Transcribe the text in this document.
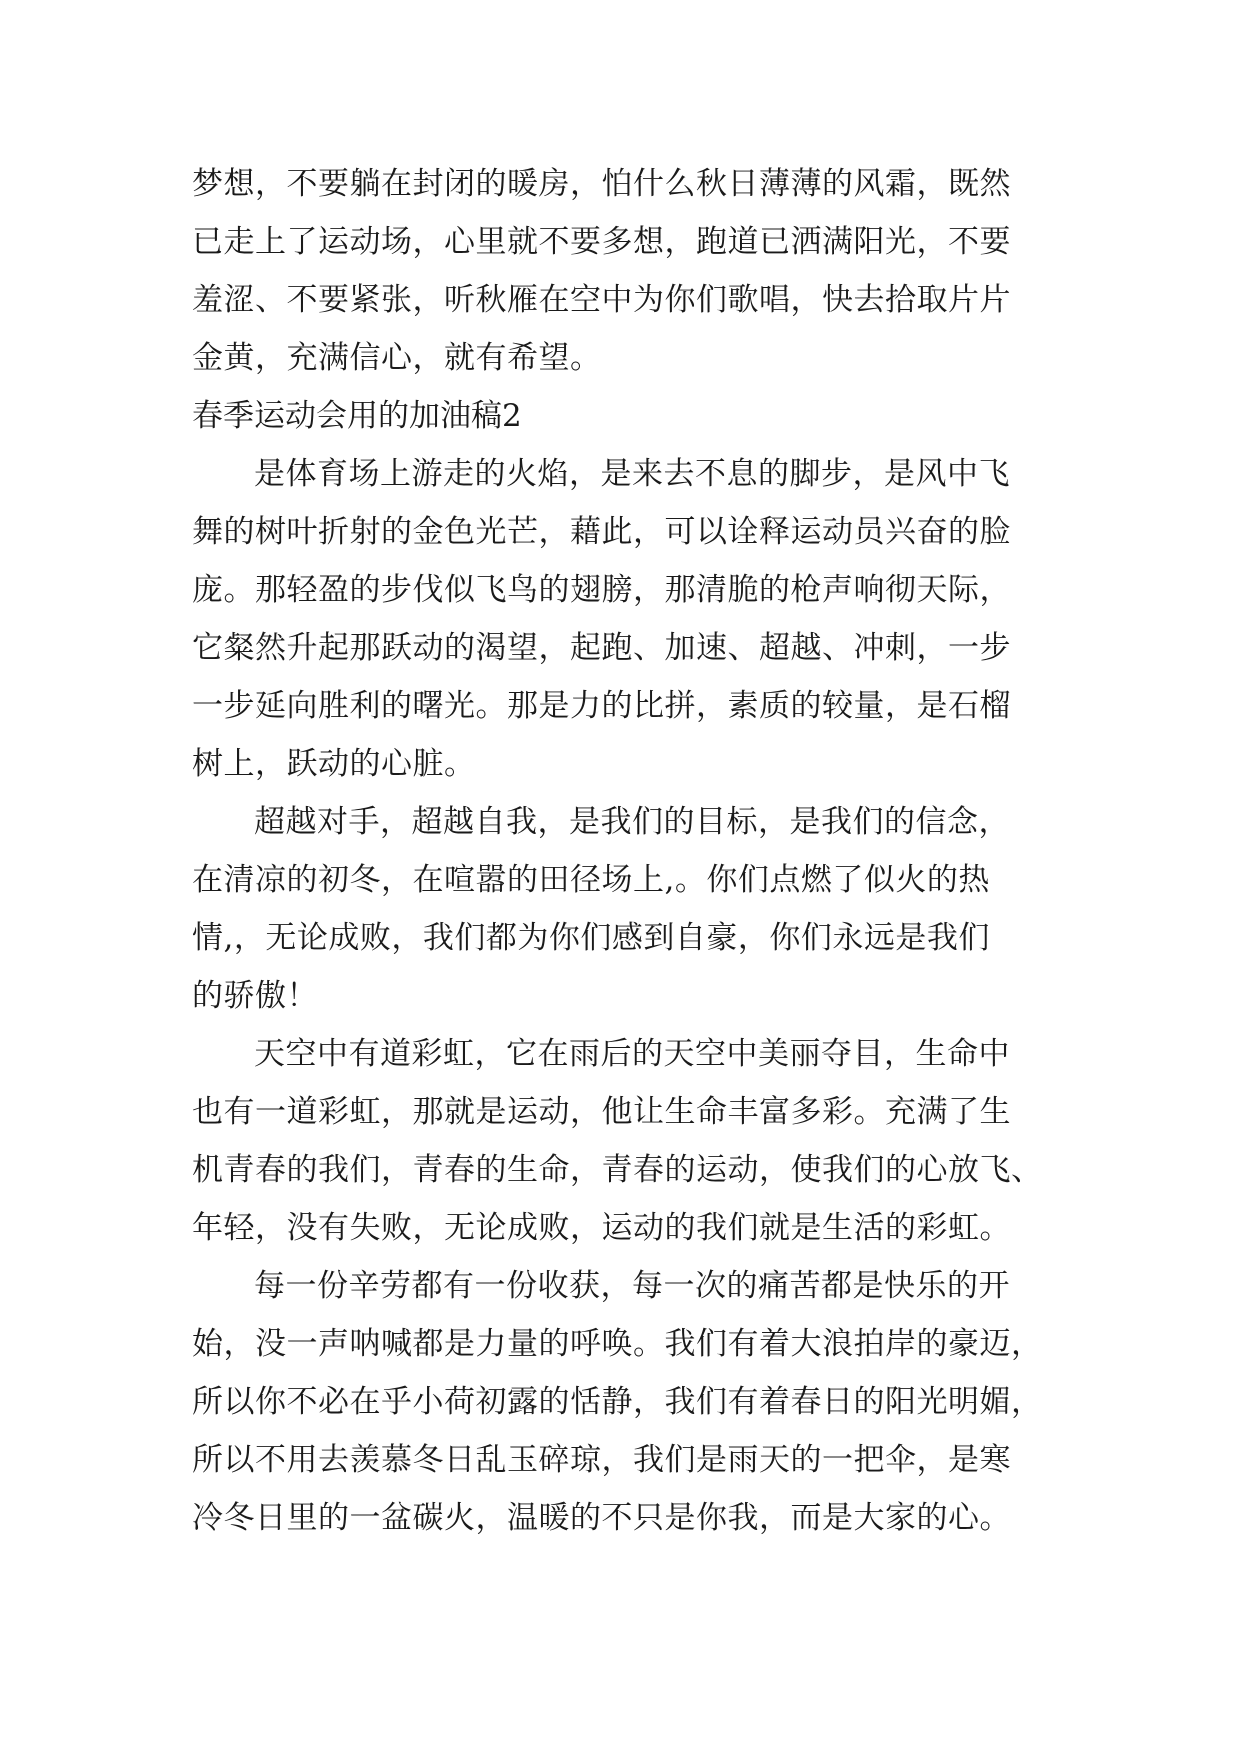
梦想，不要躺在封闭的暖房，怕什么秋日薄薄的风霜，既然
已走上了运动场，心里就不要多想，跑道已洒满阳光，不要
羞涩、不要紧张，听秋雁在空中为你们歌唱，快去拾取片片
金黄，充满信心，就有希望。
春季运动会用的加油稿2
是体育场上游走的火焰，是来去不息的脚步，是风中飞
舞的树叶折射的金色光芒，藉此，可以诠释运动员兴奋的脸
庞。那轻盈的步伐似飞鸟的翅膀，那清脆的枪声响彻天际，
它粲然升起那跃动的渴望，起跑、加速、超越、冲刺，一步
一步延向胜利的曙光。那是力的比拼，素质的较量，是石榴
树上，跃动的心脏。
超越对手，超越自我，是我们的目标，是我们的信念，
在清凉的初冬，在喧嚣的田径场上,。你们点燃了似火的热
情,，无论成败，我们都为你们感到自豪，你们永远是我们
的骄傲！
天空中有道彩虹，它在雨后的天空中美丽夺目，生命中
也有一道彩虹，那就是运动，他让生命丰富多彩。充满了生
机青春的我们，青春的生命，青春的运动，使我们的心放飞、
年轻，没有失败，无论成败，运动的我们就是生活的彩虹。
每一份辛劳都有一份收获，每一次的痛苦都是快乐的开
始，没一声呐喊都是力量的呼唤。我们有着大浪拍岸的豪迈，
所以你不必在乎小荷初露的恬静，我们有着春日的阳光明媚，
所以不用去羡慕冬日乱玉碎琼，我们是雨天的一把伞，是寒
冷冬日里的一盆碳火，温暖的不只是你我，而是大家的心。
